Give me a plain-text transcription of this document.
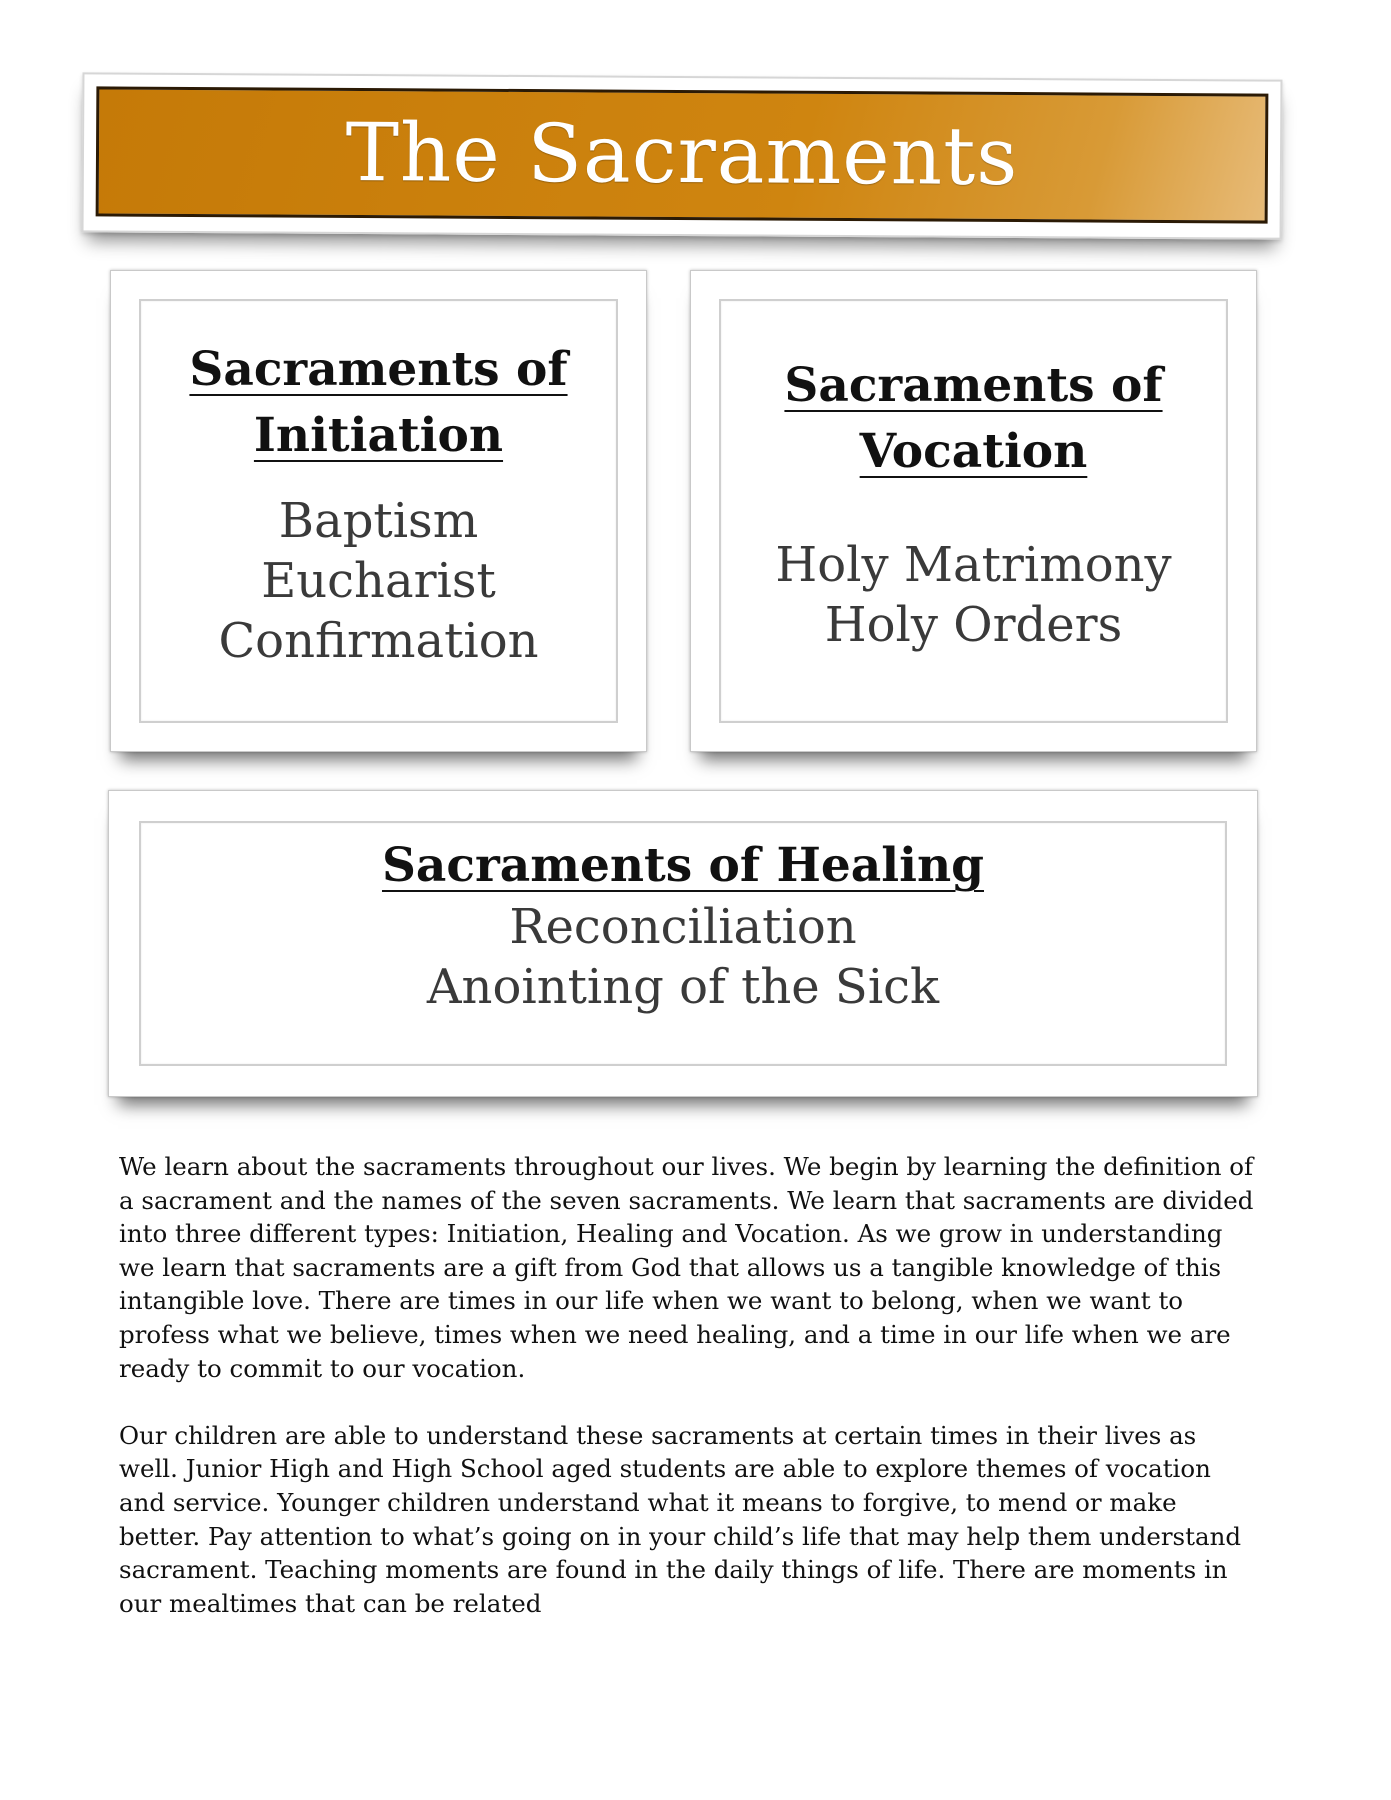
The Sacraments
Sacraments of
Initiation
Baptism
Eucharist
Confirmation
Sacraments of
Vocation
Holy Matrimony
Holy Orders
Sacraments of Healing
Reconciliation
Anointing of the Sick

We learn about the sacraments throughout our lives. We begin by learning the definition of a sacrament and the names of the seven sacraments. We learn that sacraments are divided into three different types: Initiation, Healing and Vocation. As we grow in understanding we learn that sacraments are a gift from God that allows us a tangible knowledge of this intangible love. There are times in our life when we want to belong, when we want to profess what we believe, times when we need healing, and a time in our life when we are ready to commit to our vocation.

Our children are able to understand these sacraments at certain times in their lives as well. Junior High and High School aged students are able to explore themes of vocation and service. Younger children understand what it means to forgive, to mend or make better. Pay attention to what’s going on in your child’s life that may help them understand sacrament. Teaching moments are found in the daily things of life. There are moments in our mealtimes that can be related
